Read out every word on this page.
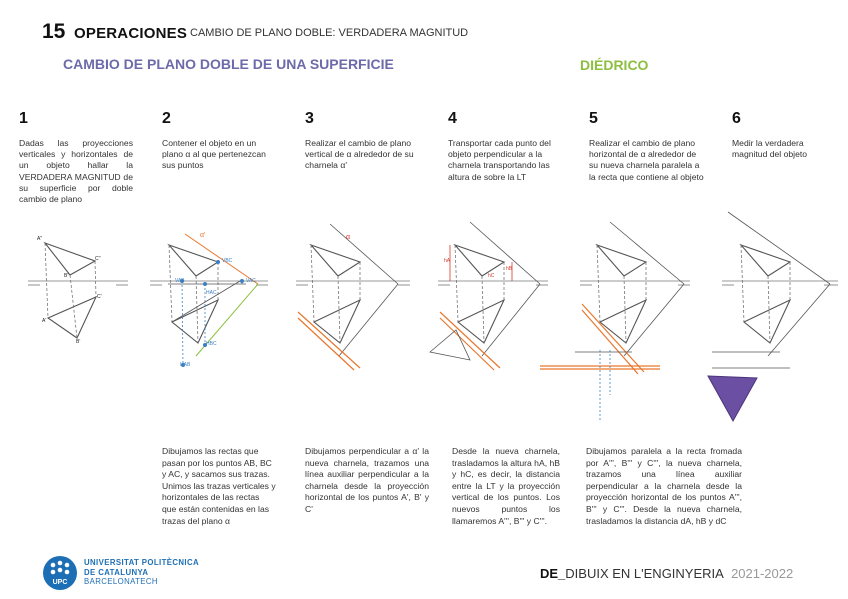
15 OPERACIONES CAMBIO DE PLANO DOBLE: VERDADERA MAGNITUD
CAMBIO DE PLANO DOBLE DE UNA SUPERFICIE	DIÉDRICO
1	2	3	4	5	6
Dadas las proyecciones verticales y horizontales de un objeto hallar la VERDADERA MAGNITUD de su superficie por doble cambio de plano
Contener el objeto en un plano α al que pertenezcan sus puntos
Realizar el cambio de plano vertical de α alrededor de su charnela α'
Transportar cada punto del objeto perpendicular a la charnela transportando las altura de sobre la LT
Realizar el cambio de plano horizontal de α alrededor de su nueva charnela paralela a la recta que contiene al objeto
Medir la verdadera magnitud del objeto
Dibujamos las rectas que pasan por los puntos AB, BC y AC, y sacamos sus trazas. Unimos las trazas verticales y horizontales de las rectas que están contenidas en las trazas del plano α
Dibujamos perpendicular a α' la nueva charnela, trazamos una línea auxiliar perpendicular a la charnela desde la proyección horizontal de los puntos A', B' y C'
Desde la nueva charnela, trasladamos la altura hA, hB y hC, es decir, la distancia entre la LT y la proyección vertical de los puntos. Los nuevos puntos los llamaremos A''', B''' y C'''.
Dibujamos paralela a la recta fromada por A''', B''' y C''', la nueva charnela, trazamos una línea auxiliar perpendicular a la charnela desde la proyección horizontal de los puntos A''', B''' y C'''. Desde la nueva charnela, trasladamos la distancia dA, hB y dC
A''
C''
B''
A'
C'
B'
α'
VBC
VAB	VAC
HBC
HAB
HAC
α
hA
hB
hC
UPC
UNIVERSITAT POLITÈCNICA
DE CATALUNYA
BARCELONATECH
DE_DIBUIX EN L'ENGINYERIA 2021-2022
